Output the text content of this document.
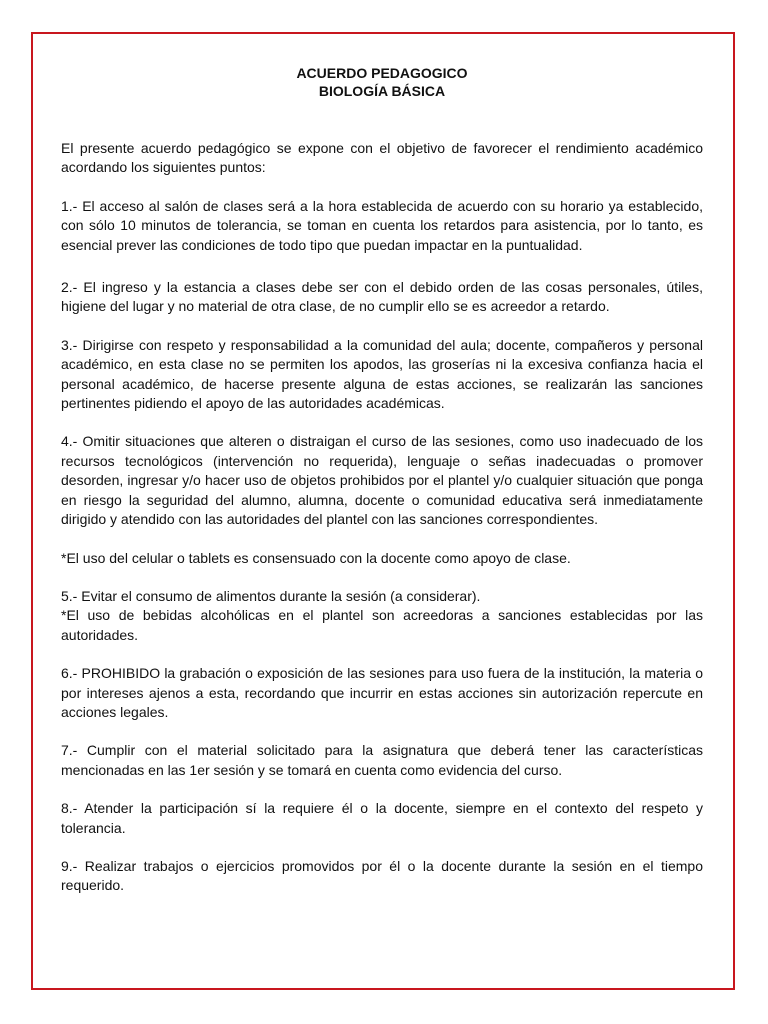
ACUERDO PEDAGOGICO

BIOLOGÍA BÁSICA

El presente acuerdo pedagógico se expone con el objetivo de favorecer el rendimiento académico acordando los siguientes puntos:

1.- El acceso al salón de clases será a la hora establecida de acuerdo con su horario ya establecido, con sólo 10 minutos de tolerancia, se toman en cuenta los retardos para asistencia, por lo tanto, es esencial prever las condiciones de todo tipo que puedan impactar en la puntualidad.

2.- El ingreso y la estancia a clases debe ser con el debido orden de las cosas personales, útiles, higiene del lugar y no material de otra clase, de no cumplir ello se es acreedor a retardo.

3.- Dirigirse con respeto y responsabilidad a la comunidad del aula; docente, compañeros y personal académico, en esta clase no se permiten los apodos, las groserías ni la excesiva confianza hacia el personal académico, de hacerse presente alguna de estas acciones, se realizarán las sanciones pertinentes pidiendo el apoyo de las autoridades académicas.

4.- Omitir situaciones que alteren o distraigan el curso de las sesiones, como uso inadecuado de los recursos tecnológicos (intervención no requerida), lenguaje o señas inadecuadas o promover desorden, ingresar y/o hacer uso de objetos prohibidos por el plantel y/o cualquier situación que ponga en riesgo la seguridad del alumno, alumna, docente o comunidad educativa será inmediatamente dirigido y atendido con las autoridades del plantel con las sanciones correspondientes.

*El uso del celular o tablets es consensuado con la docente como apoyo de clase.

5.- Evitar el consumo de alimentos durante la sesión (a considerar).

*El uso de bebidas alcohólicas en el plantel son acreedoras a sanciones establecidas por las autoridades.

6.- PROHIBIDO la grabación o exposición de las sesiones para uso fuera de la institución, la materia o por intereses ajenos a esta, recordando que incurrir en estas acciones sin autorización repercute en acciones legales.

7.- Cumplir con el material solicitado para la asignatura que deberá tener las características mencionadas en las 1er sesión y se tomará en cuenta como evidencia del curso.

8.- Atender la participación sí la requiere él o la docente, siempre en el contexto del respeto y tolerancia.

9.- Realizar trabajos o ejercicios promovidos por él o la docente durante la sesión en el tiempo requerido.
